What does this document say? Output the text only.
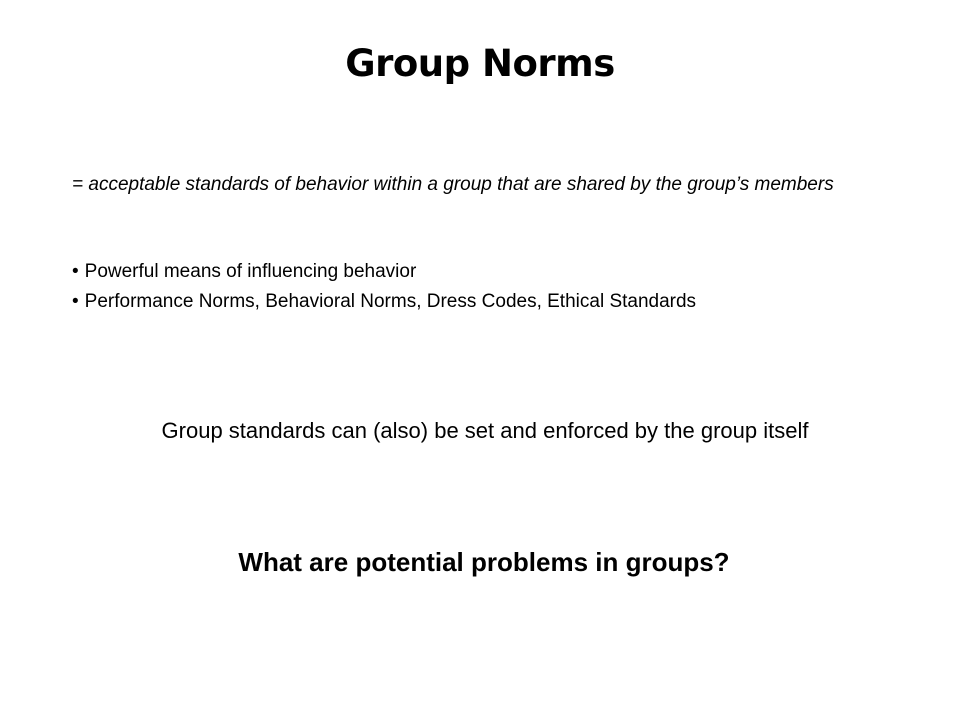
Group Norms
= acceptable standards of behavior within a group that are shared by the group’s members
• Powerful means of influencing behavior
• Performance Norms, Behavioral Norms, Dress Codes, Ethical Standards
Group standards can (also) be set and enforced by the group itself
What are potential problems in groups?
